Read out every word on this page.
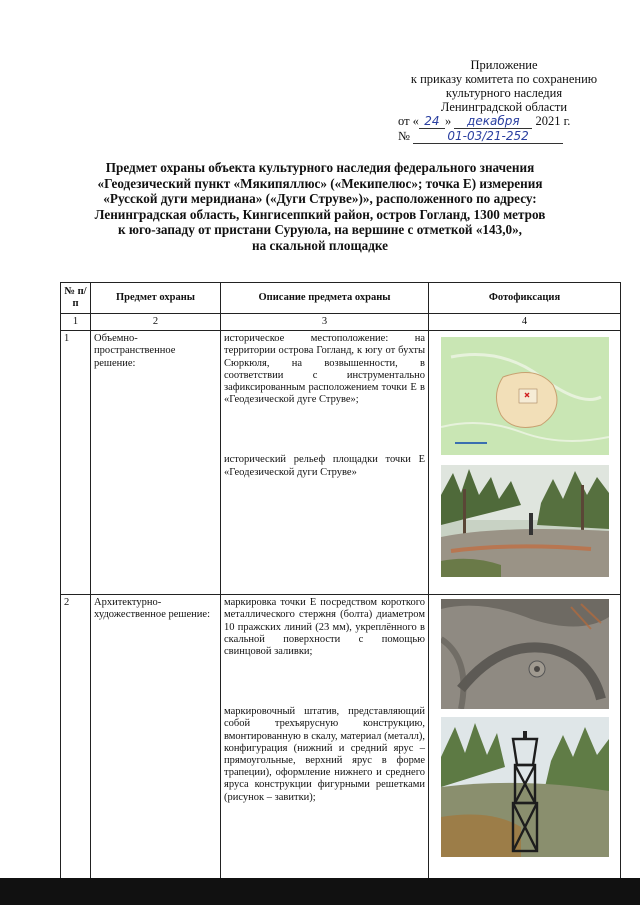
Приложение
к приказу комитета по сохранению
культурного наследия
Ленинградской области
от « 24 » декабря 2021 г.
№	01-03/21-252
Предмет охраны объекта культурного наследия федерального значения
«Геодезический пункт «Мякипяллюс» («Мекипелюс»; точка Е) измерения
«Русской дуги меридиана» («Дуги Струве»)», расположенного по адресу:
Ленинградская область, Кингисеппкий район, остров Гогланд, 1300 метров
к юго-западу от пристани Суруюла, на вершине с отметкой «143,0»,
на скальной площадке
№ п/п	Предмет охраны	Описание предмета охраны	Фотофиксация
1	2	3	4
1	Объемно-пространственное решение:	историческое местоположение: на территории острова Гогланд, к югу от бухты Сюркюля, на возвышенности, в соответствии с инструментально зафиксированным расположением точки Е в «Геодезической дуге Струве»;
исторический рельеф площадки точки Е «Геодезической дуги Струве»

2	Архитектурно-художественное решение:	маркировка точки Е посредством короткого металлического стержня (болта) диаметром 10 пражских линий (23 мм), укреплённого в скальной поверхности с помощью свинцовой заливки;
маркировочный штатив, представляющий собой трехъярусную конструкцию, вмонтированную в скалу, материал (металл), конфигурация (нижний и средний ярус – прямоугольные, верхний ярус в форме трапеции), оформление нижнего и среднего яруса конструкции фигурными решетками (рисунок – завитки);
